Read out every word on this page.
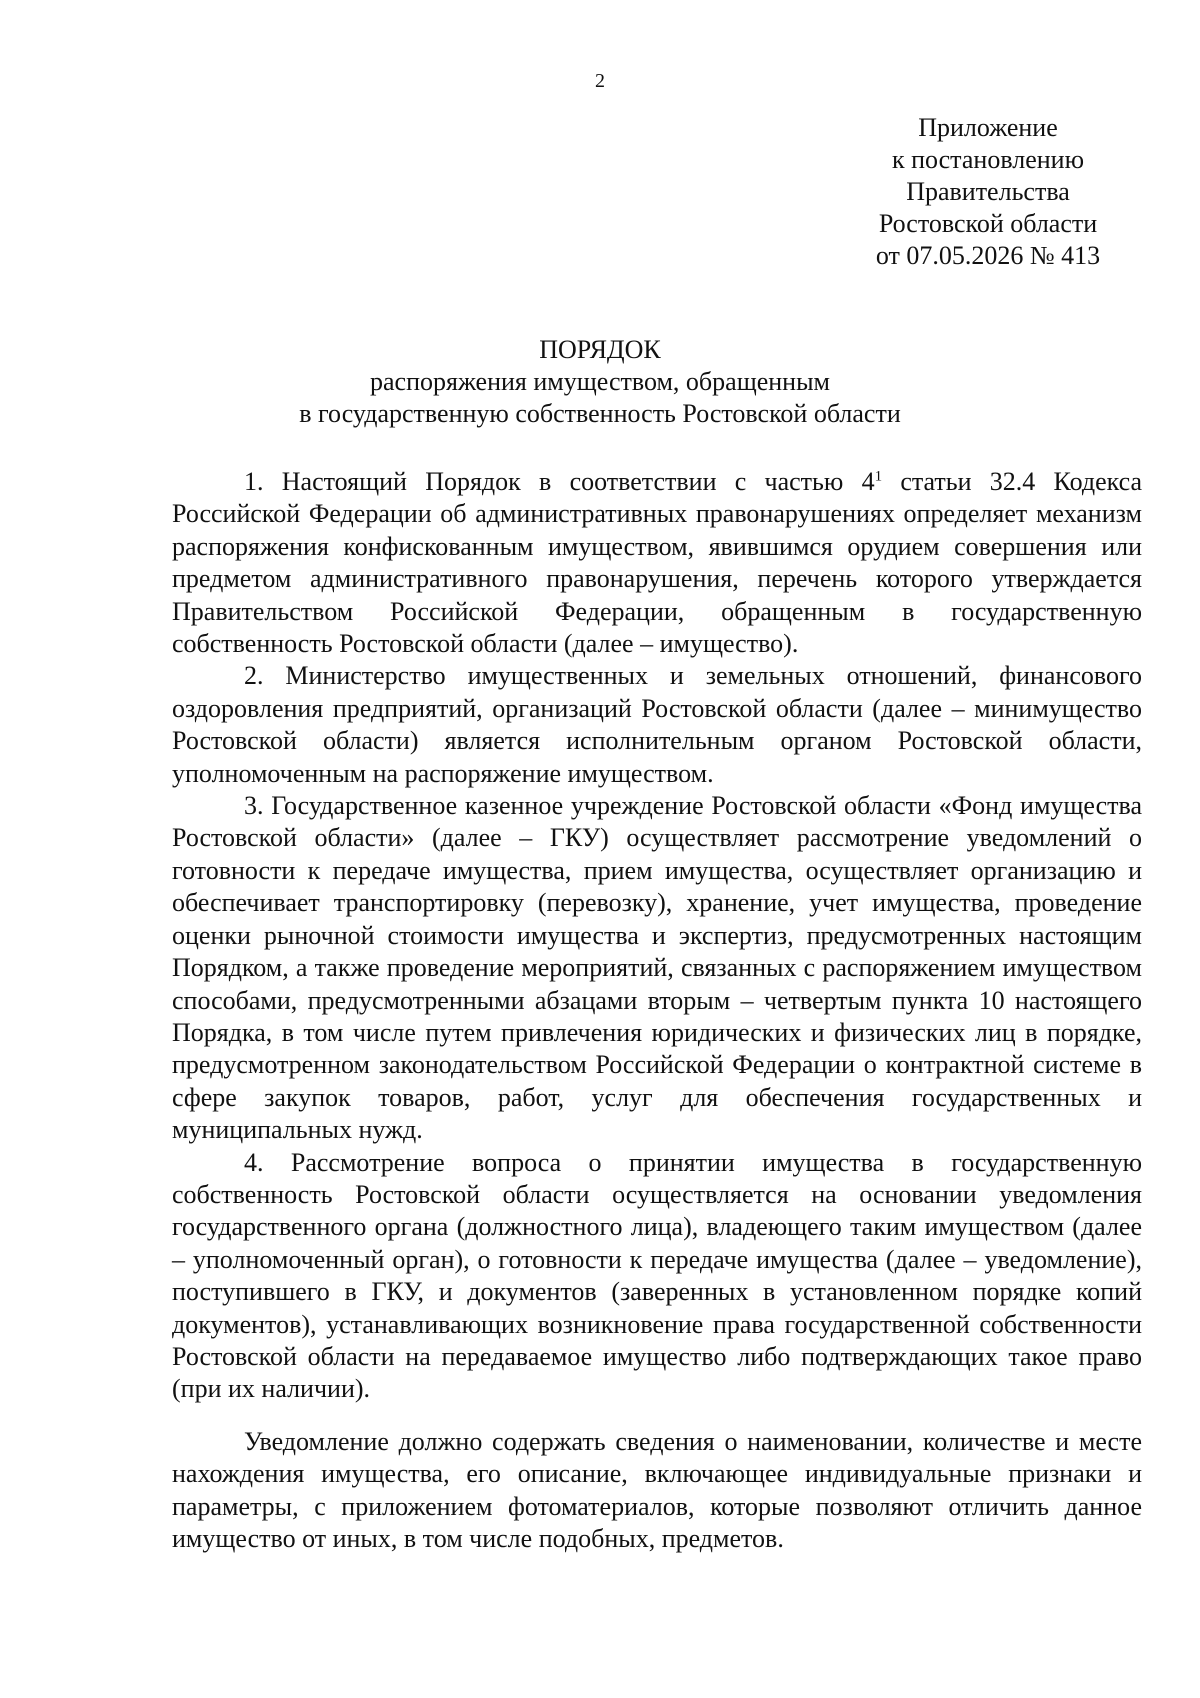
2
Приложение
к постановлению
Правительства
Ростовской области
от 07.05.2026 № 413
ПОРЯДОК
распоряжения имуществом, обращенным
в государственную собственность Ростовской области

1. Настоящий Порядок в соответствии с частью $4^1$ статьи 32.4 Кодекса Российской Федерации об административных правонарушениях определяет механизм распоряжения конфискованным имуществом, явившимся орудием совершения или предметом административного правонарушения, перечень которого утверждается Правительством Российской Федерации, обращенным в государственную собственность Ростовской области (далее – имущество).

2. Министерство имущественных и земельных отношений, финансового оздоровления предприятий, организаций Ростовской области (далее – минимущество Ростовской области) является исполнительным органом Ростовской области, уполномоченным на распоряжение имуществом.

3. Государственное казенное учреждение Ростовской области «Фонд имущества Ростовской области» (далее – ГКУ) осуществляет рассмотрение уведомлений о готовности к передаче имущества, прием имущества, осуществляет организацию и обеспечивает транспортировку (перевозку), хранение, учет имущества, проведение оценки рыночной стоимости имущества и экспертиз, предусмотренных настоящим Порядком, а также проведение мероприятий, связанных с распоряжением имуществом способами, предусмотренными абзацами вторым – четвертым пункта 10 настоящего Порядка, в том числе путем привлечения юридических и физических лиц в порядке, предусмотренном законодательством Российской Федерации о контрактной системе в сфере закупок товаров, работ, услуг для обеспечения государственных и муниципальных нужд.

4. Рассмотрение вопроса о принятии имущества в государственную собственность Ростовской области осуществляется на основании уведомления государственного органа (должностного лица), владеющего таким имуществом (далее – уполномоченный орган), о готовности к передаче имущества (далее – уведомление), поступившего в ГКУ, и документов (заверенных в установленном порядке копий документов), устанавливающих возникновение права государственной собственности Ростовской области на передаваемое имущество либо подтверждающих такое право (при их наличии).

Уведомление должно содержать сведения о наименовании, количестве и месте нахождения имущества, его описание, включающее индивидуальные признаки и параметры, с приложением фотоматериалов, которые позволяют отличить данное имущество от иных, в том числе подобных, предметов.
